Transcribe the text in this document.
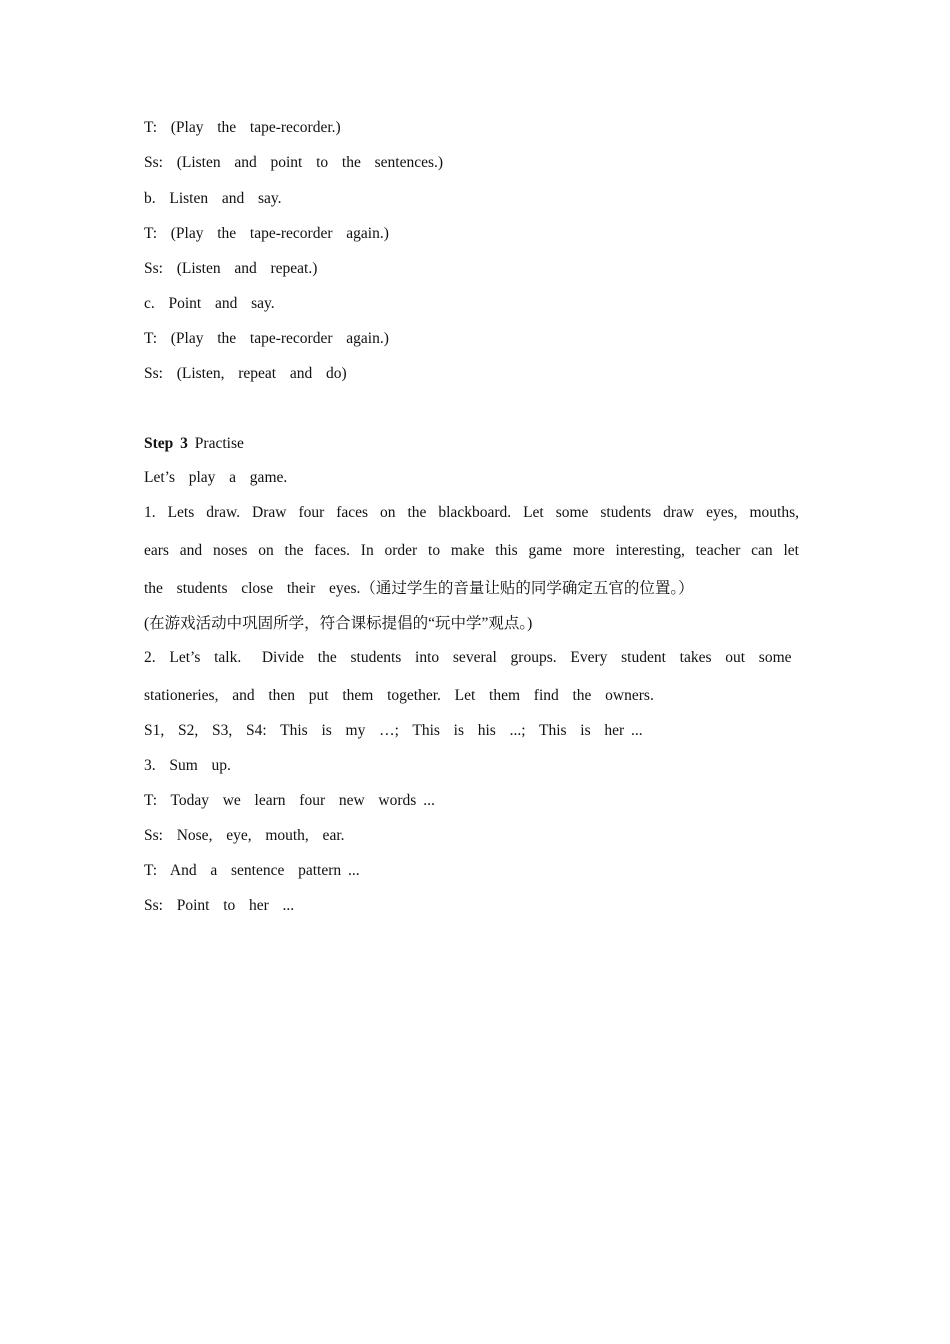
T:  (Play  the  tape-recorder.)
Ss:  (Listen  and  point  to  the  sentences.)
b.  Listen  and  say.
T:  (Play  the  tape-recorder  again.)
Ss:  (Listen  and  repeat.)
c.  Point  and  say.
T:  (Play  the  tape-recorder  again.)
Ss:  (Listen,  repeat  and  do)
Step 3 Practise
Let’s  play  a  game.
1. Lets draw. Draw four faces on the blackboard. Let some students draw eyes, mouths,
ears and noses on the faces. In order to make this game more interesting, teacher can let
the  students  close  their  eyes.（通过学生的音量让贴的同学确定五官的位置。）
(在游戏活动中巩固所学，符合课标提倡的“玩中学”观点。)
2.  Let’s  talk.   Divide  the  students  into  several  groups.  Every  student  takes  out  some
stationeries,  and  then  put  them  together.  Let  them  find  the  owners.
S1,  S2,  S3,  S4:  This  is  my  …;  This  is  his  ...;  This  is  her ...
3.  Sum  up.
T:  Today  we  learn  four  new  words ...
Ss:  Nose,  eye,  mouth,  ear.
T:  And  a  sentence  pattern ...
Ss:  Point  to  her  ...
